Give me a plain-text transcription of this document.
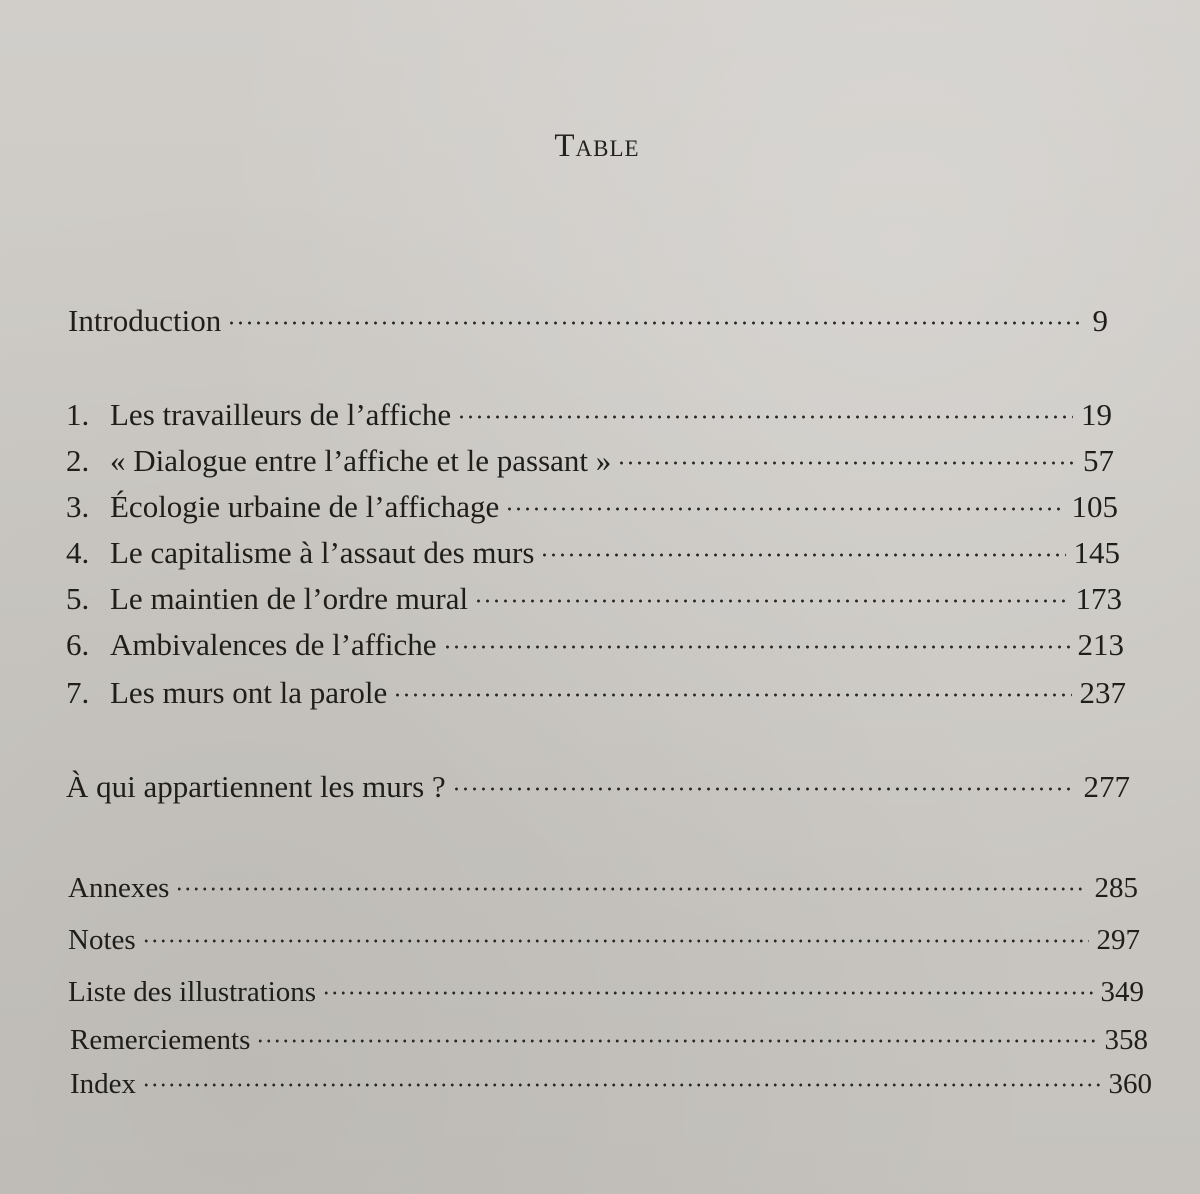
Table
Introduction	9
1. Les travailleurs de l’affiche	19
2. « Dialogue entre l’affiche et le passant »	57
3. Écologie urbaine de l’affichage	105
4. Le capitalisme à l’assaut des murs	145
5. Le maintien de l’ordre mural	173
6. Ambivalences de l’affiche	213
7. Les murs ont la parole	237
À qui appartiennent les murs ?	277
Annexes	285
Notes	297
Liste des illustrations	349
Remerciements	358
Index	360
